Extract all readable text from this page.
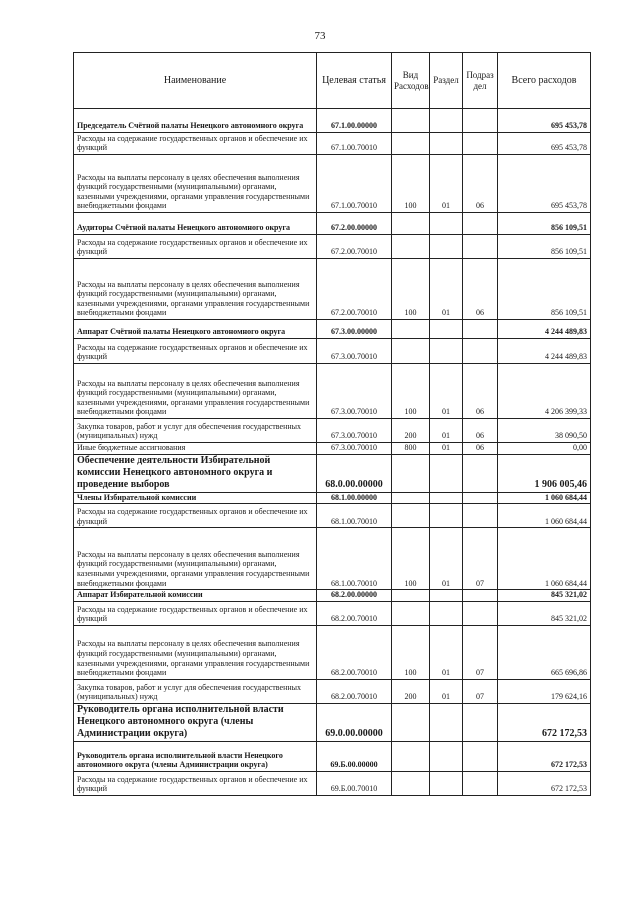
73
Наименование	Целевая статья	Вид Расходов	Раздел	Подраздел	Всего расходов
Председатель Счётной палаты Ненецкого автономного округа	67.1.00.00000				695 453,78
Расходы на содержание государственных органов и обеспечение их функций	67.1.00.70010				695 453,78
Расходы на выплаты персоналу в целях обеспечения выполнения функций государственными (муниципальными) органами, казенными учреждениями, органами управления государственными внебюджетными фондами	67.1.00.70010	100	01	06	695 453,78
Аудиторы Счётной палаты Ненецкого автономного округа	67.2.00.00000				856 109,51
Расходы на содержание государственных органов и обеспечение их функций	67.2.00.70010				856 109,51
Расходы на выплаты персоналу в целях обеспечения выполнения функций государственными (муниципальными) органами, казенными учреждениями, органами управления государственными внебюджетными фондами	67.2.00.70010	100	01	06	856 109,51
Аппарат Счётной палаты Ненецкого автономного округа	67.3.00.00000				4 244 489,83
Расходы на содержание государственных органов и обеспечение их функций	67.3.00.70010				4 244 489,83
Расходы на выплаты персоналу в целях обеспечения выполнения функций государственными (муниципальными) органами, казенными учреждениями, органами управления государственными внебюджетными фондами	67.3.00.70010	100	01	06	4 206 399,33
Закупка товаров, работ и услуг для обеспечения государственных (муниципальных) нужд	67.3.00.70010	200	01	06	38 090,50
Иные бюджетные ассигнования	67.3.00.70010	800	01	06	0,00
Обеспечение деятельности Избирательной комиссии Ненецкого автономного округа и проведение выборов	68.0.00.00000				1 906 005,46
Члены Избирательной комиссии	68.1.00.00000				1 060 684,44
Расходы на содержание государственных органов и обеспечение их функций	68.1.00.70010				1 060 684,44
Расходы на выплаты персоналу в целях обеспечения выполнения функций государственными (муниципальными) органами, казенными учреждениями, органами управления государственными внебюджетными фондами	68.1.00.70010	100	01	07	1 060 684,44
Аппарат Избирательной комиссии	68.2.00.00000				845 321,02
Расходы на содержание государственных органов и обеспечение их функций	68.2.00.70010				845 321,02
Расходы на выплаты персоналу в целях обеспечения выполнения функций государственными (муниципальными) органами, казенными учреждениями, органами управления государственными внебюджетными фондами	68.2.00.70010	100	01	07	665 696,86
Закупка товаров, работ и услуг для обеспечения государственных (муниципальных) нужд	68.2.00.70010	200	01	07	179 624,16
Руководитель органа исполнительной власти Ненецкого автономного округа (члены Администрации округа)	69.0.00.00000				672 172,53
Руководитель органа исполнительной власти Ненецкого автономного округа (члены Администрации округа)	69.Б.00.00000				672 172,53
Расходы на содержание государственных органов и обеспечение их функций	69.Б.00.70010				672 172,53
